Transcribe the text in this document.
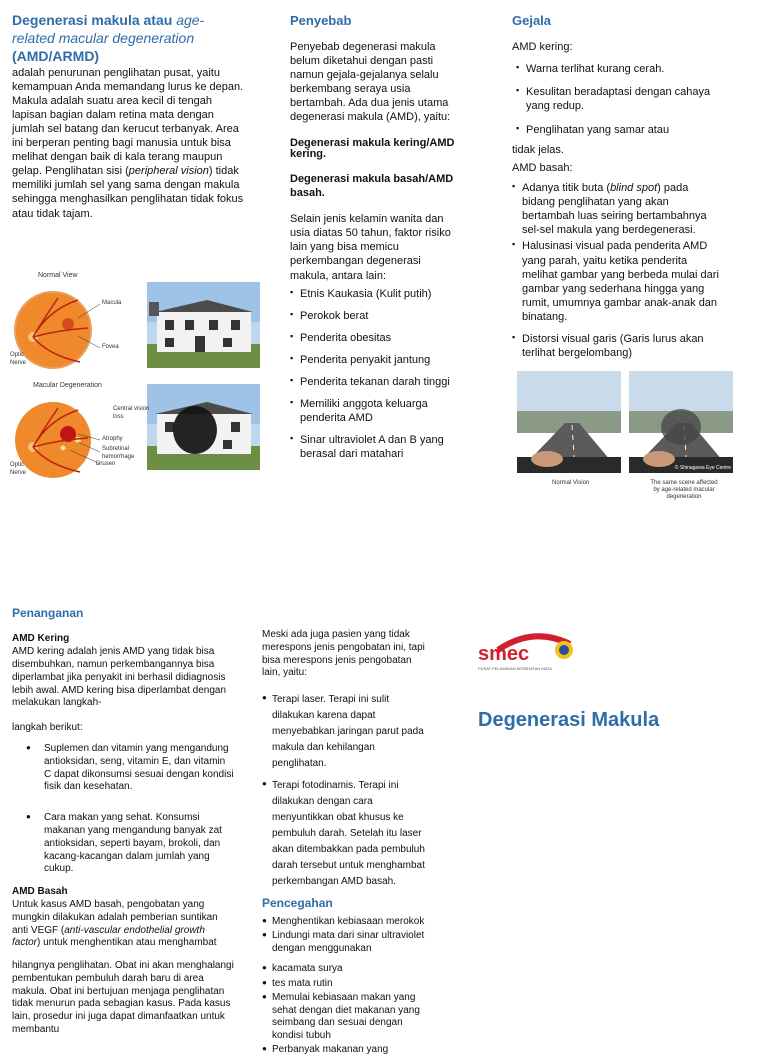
Degenerasi makula atau age-related macular degeneration (AMD/ARMD)

adalah penurunan penglihatan pusat, yaitu kemampuan Anda memandang lurus ke depan. Makula adalah suatu area kecil di tengah lapisan bagian dalam retina mata dengan jumlah sel batang dan kerucut terbanyak. Area ini berperan penting bagi manusia untuk bisa melihat dengan baik di kala terang maupun gelap. Penglihatan sisi (peripheral vision) tidak memiliki jumlah sel yang sama dengan makula sehingga menghasilkan penglihatan tidak fokus atau tidak tajam.

Normal View
Macula
Fovea
Optic
Nerve
Macular Degeneration
Atrophy
Subretinal
hemorrhage
Drusen
Optic
Nerve
Central vision
loss
Penyebab

Penyebab degenerasi makula belum diketahui dengan pasti namun gejala-gejalanya selalu berkembang seraya usia bertambah. Ada dua jenis utama degenerasi makula (AMD), yaitu:

Degenerasi makula kering/AMD kering.

Degenerasi makula basah/AMD basah.

Selain jenis kelamin wanita dan usia diatas 50 tahun, faktor risiko lain yang bisa memicu perkembangan degenerasi makula, antara lain:

▪ Etnis Kaukasia (Kulit putih)
▪ Perokok berat
▪ Penderita obesitas
▪ Penderita penyakit jantung
▪ Penderita tekanan darah tinggi
▪ Memiliki anggota keluarga penderita AMD
▪ Sinar ultraviolet A dan B yang berasal dari matahari
Gejala

AMD kering:

▪ Warna terlihat kurang cerah.
▪ Kesulitan beradaptasi dengan cahaya yang redup.
▪ Penglihatan yang samar atau

tidak jelas.

AMD basah:

▪ Adanya titik buta (blind spot) pada bidang penglihatan yang akan bertambah luas seiring bertambahnya sel-sel makula yang berdegenerasi.
▪ Halusinasi visual pada penderita AMD yang parah, yaitu ketika penderita melihat gambar yang berbeda mulai dari gambar yang sederhana hingga yang rumit, umumnya gambar anak-anak dan binatang.
▪ Distorsi visual garis (Garis lurus akan terlihat bergelombang)
© Shinagawa Eye Centre
Normal Vision	The same scene affected by age-related macular degeneration
Penanganan

AMD Kering

AMD kering adalah jenis AMD yang tidak bisa disembuhkan, namun perkembangannya bisa diperlambat jika penyakit ini berhasil didiagnosis lebih awal. AMD kering bisa diperlambat dengan melakukan langkah-

langkah berikut:

● Suplemen dan vitamin yang mengandung antioksidan, seng, vitamin E, dan vitamin C dapat dikonsumsi sesuai dengan kondisi fisik dan kesehatan.
● Cara makan yang sehat. Konsumsi makanan yang mengandung banyak zat antioksidan, seperti bayam, brokoli, dan kacang-kacangan dalam jumlah yang cukup.

AMD Basah

Untuk kasus AMD basah, pengobatan yang mungkin dilakukan adalah pemberian suntikan anti VEGF (anti-vascular endothelial growth factor) untuk menghentikan atau menghambat

hilangnya penglihatan. Obat ini akan menghalangi pembentukan pembuluh darah baru di area makula. Obat ini bertujuan menjaga penglihatan tidak menurun pada sebagian kasus. Pada kasus lain, prosedur ini juga dapat dimanfaatkan untuk membantu

Meski ada juga pasien yang tidak merespons jenis pengobatan ini, tapi bisa merespons jenis pengobatan lain, yaitu:

● Terapi laser. Terapi ini sulit dilakukan karena dapat menyebabkan jaringan parut pada makula dan kehilangan penglihatan.
● Terapi fotodinamis. Terapi ini dilakukan dengan cara menyuntikkan obat khusus ke pembuluh darah. Setelah itu laser akan ditembakkan pada pembuluh darah tersebut untuk menghambat perkembangan AMD basah.
Pencegahan
● Menghentikan kebiasaan merokok
● Lindungi mata dari sinar ultraviolet dengan menggunakan
● kacamata surya
● tes mata rutin
● Memulai kebiasaan makan yang sehat dengan diet makanan yang seimbang dan sesuai dengan kondisi tubuh
● Perbanyak makanan yang
smec
PUSAT PELAYANAN KESEHATAN MATA
Degenerasi Makula
